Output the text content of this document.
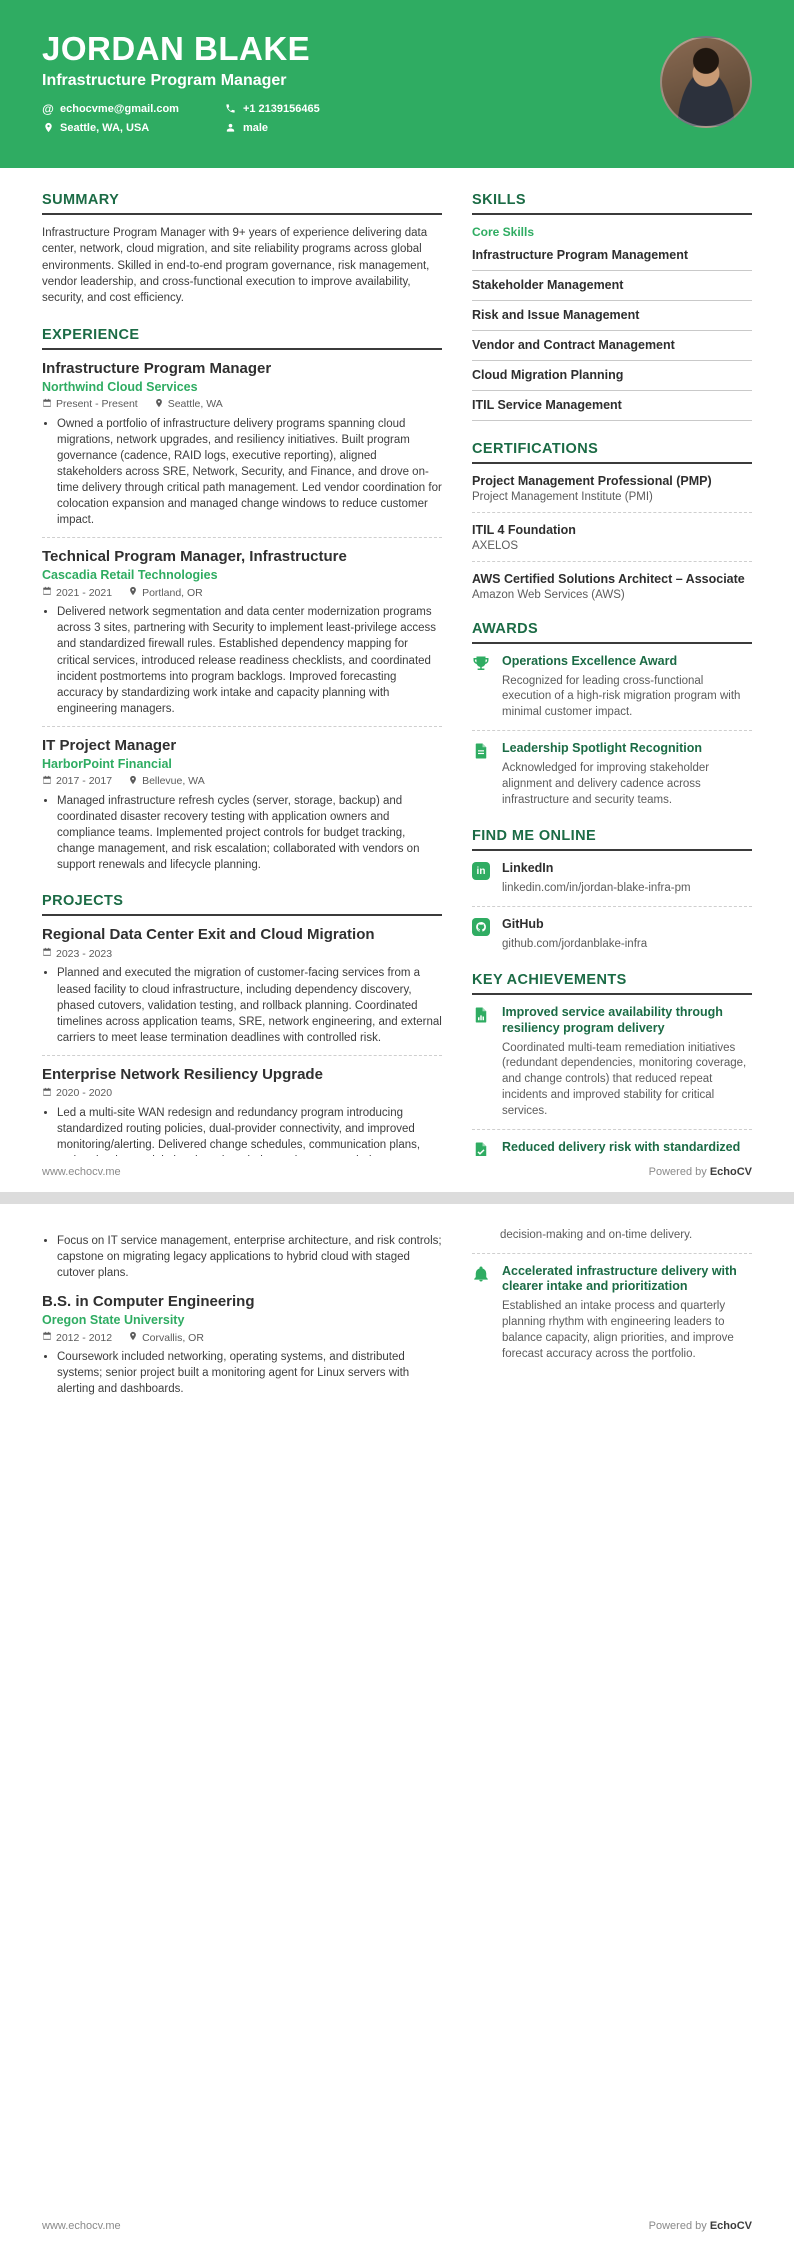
JORDAN BLAKE
Infrastructure Program Manager
@ echocvme@gmail.com	+1 2139156465
Seattle, WA, USA	male
SUMMARY

Infrastructure Program Manager with 9+ years of experience delivering data center, network, cloud migration, and site reliability programs across global environments. Skilled in end-to-end program governance, risk management, vendor leadership, and cross-functional execution to improve availability, security, and cost efficiency.

EXPERIENCE
Infrastructure Program Manager
Northwind Cloud Services
Present - Present	Seattle, WA
• Owned a portfolio of infrastructure delivery programs spanning cloud migrations, network upgrades, and resiliency initiatives. Built program governance (cadence, RAID logs, executive reporting), aligned stakeholders across SRE, Network, Security, and Finance, and drove on-time delivery through critical path management. Led vendor coordination for colocation expansion and managed change windows to reduce customer impact.
Technical Program Manager, Infrastructure
Cascadia Retail Technologies
2021 - 2021	Portland, OR
• Delivered network segmentation and data center modernization programs across 3 sites, partnering with Security to implement least-privilege access and standardized firewall rules. Established dependency mapping for critical services, introduced release readiness checklists, and coordinated incident postmortems into program backlogs. Improved forecasting accuracy by standardizing work intake and capacity planning with engineering managers.
IT Project Manager
HarborPoint Financial
2017 - 2017	Bellevue, WA
• Managed infrastructure refresh cycles (server, storage, backup) and coordinated disaster recovery testing with application owners and compliance teams. Implemented project controls for budget tracking, change management, and risk escalation; collaborated with vendors on support renewals and lifecycle planning.
PROJECTS
Regional Data Center Exit and Cloud Migration
2023 - 2023
• Planned and executed the migration of customer-facing services from a leased facility to cloud infrastructure, including dependency discovery, phased cutovers, validation testing, and rollback planning. Coordinated timelines across application teams, SRE, network engineering, and external carriers to meet lease termination deadlines with controlled risk.
Enterprise Network Resiliency Upgrade
2020 - 2020
• Led a multi-site WAN redesign and redundancy program introducing standardized routing policies, dual-provider connectivity, and improved monitoring/alerting. Delivered change schedules, communication plans,
SKILLS
Core Skills
Infrastructure Program Management
Stakeholder Management
Risk and Issue Management
Vendor and Contract Management
Cloud Migration Planning
ITIL Service Management
CERTIFICATIONS
Project Management Professional (PMP)
Project Management Institute (PMI)
ITIL 4 Foundation
AXELOS
AWS Certified Solutions Architect – Associate
Amazon Web Services (AWS)
AWARDS
Operations Excellence Award
Recognized for leading cross-functional execution of a high-risk migration program with minimal customer impact.
Leadership Spotlight Recognition
Acknowledged for improving stakeholder alignment and delivery cadence across infrastructure and security teams.
FIND ME ONLINE
in	LinkedIn
linkedin.com/in/jordan-blake-infra-pm
GitHub
github.com/jordanblake-infra
KEY ACHIEVEMENTS
Improved service availability through resiliency program delivery
Coordinated multi-team remediation initiatives (redundant dependencies, monitoring coverage, and change controls) that reduced repeat incidents and improved stability for critical services.
Reduced delivery risk with standardized
www.echocv.me	Powered by EchoCV
• Focus on IT service management, enterprise architecture, and risk controls; capstone on migrating legacy applications to hybrid cloud with staged cutover plans.
B.S. in Computer Engineering
Oregon State University
2012 - 2012	Corvallis, OR
• Coursework included networking, operating systems, and distributed systems; senior project built a monitoring agent for Linux servers with alerting and dashboards.

decision-making and on-time delivery.

Accelerated infrastructure delivery with clearer intake and prioritization
Established an intake process and quarterly planning rhythm with engineering leaders to balance capacity, align priorities, and improve forecast accuracy across the portfolio.
www.echocv.me	Powered by EchoCV
